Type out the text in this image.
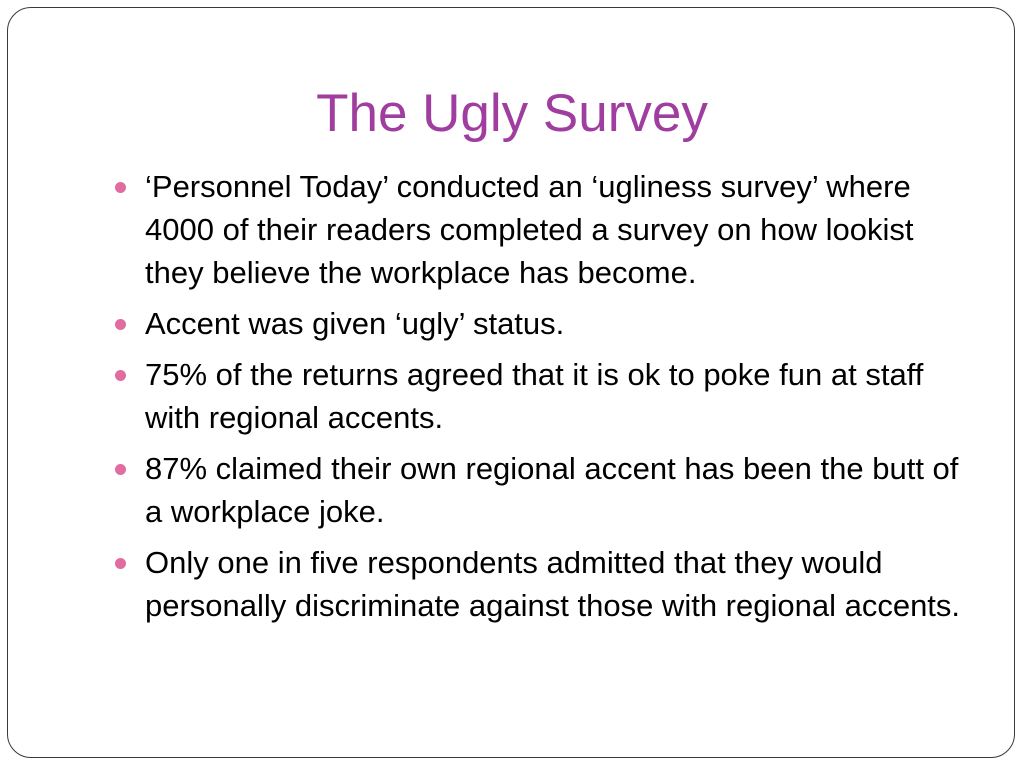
The Ugly Survey
‘Personnel Today’ conducted an ‘ugliness survey’ where 4000 of their readers completed a survey on how lookist they believe the workplace has become.
Accent was given ‘ugly’ status.
75% of the returns agreed that it is ok to poke fun at staff with regional accents.
87% claimed their own regional accent has been the butt of a workplace joke.
Only one in five respondents admitted that they would personally discriminate against those with regional accents.
